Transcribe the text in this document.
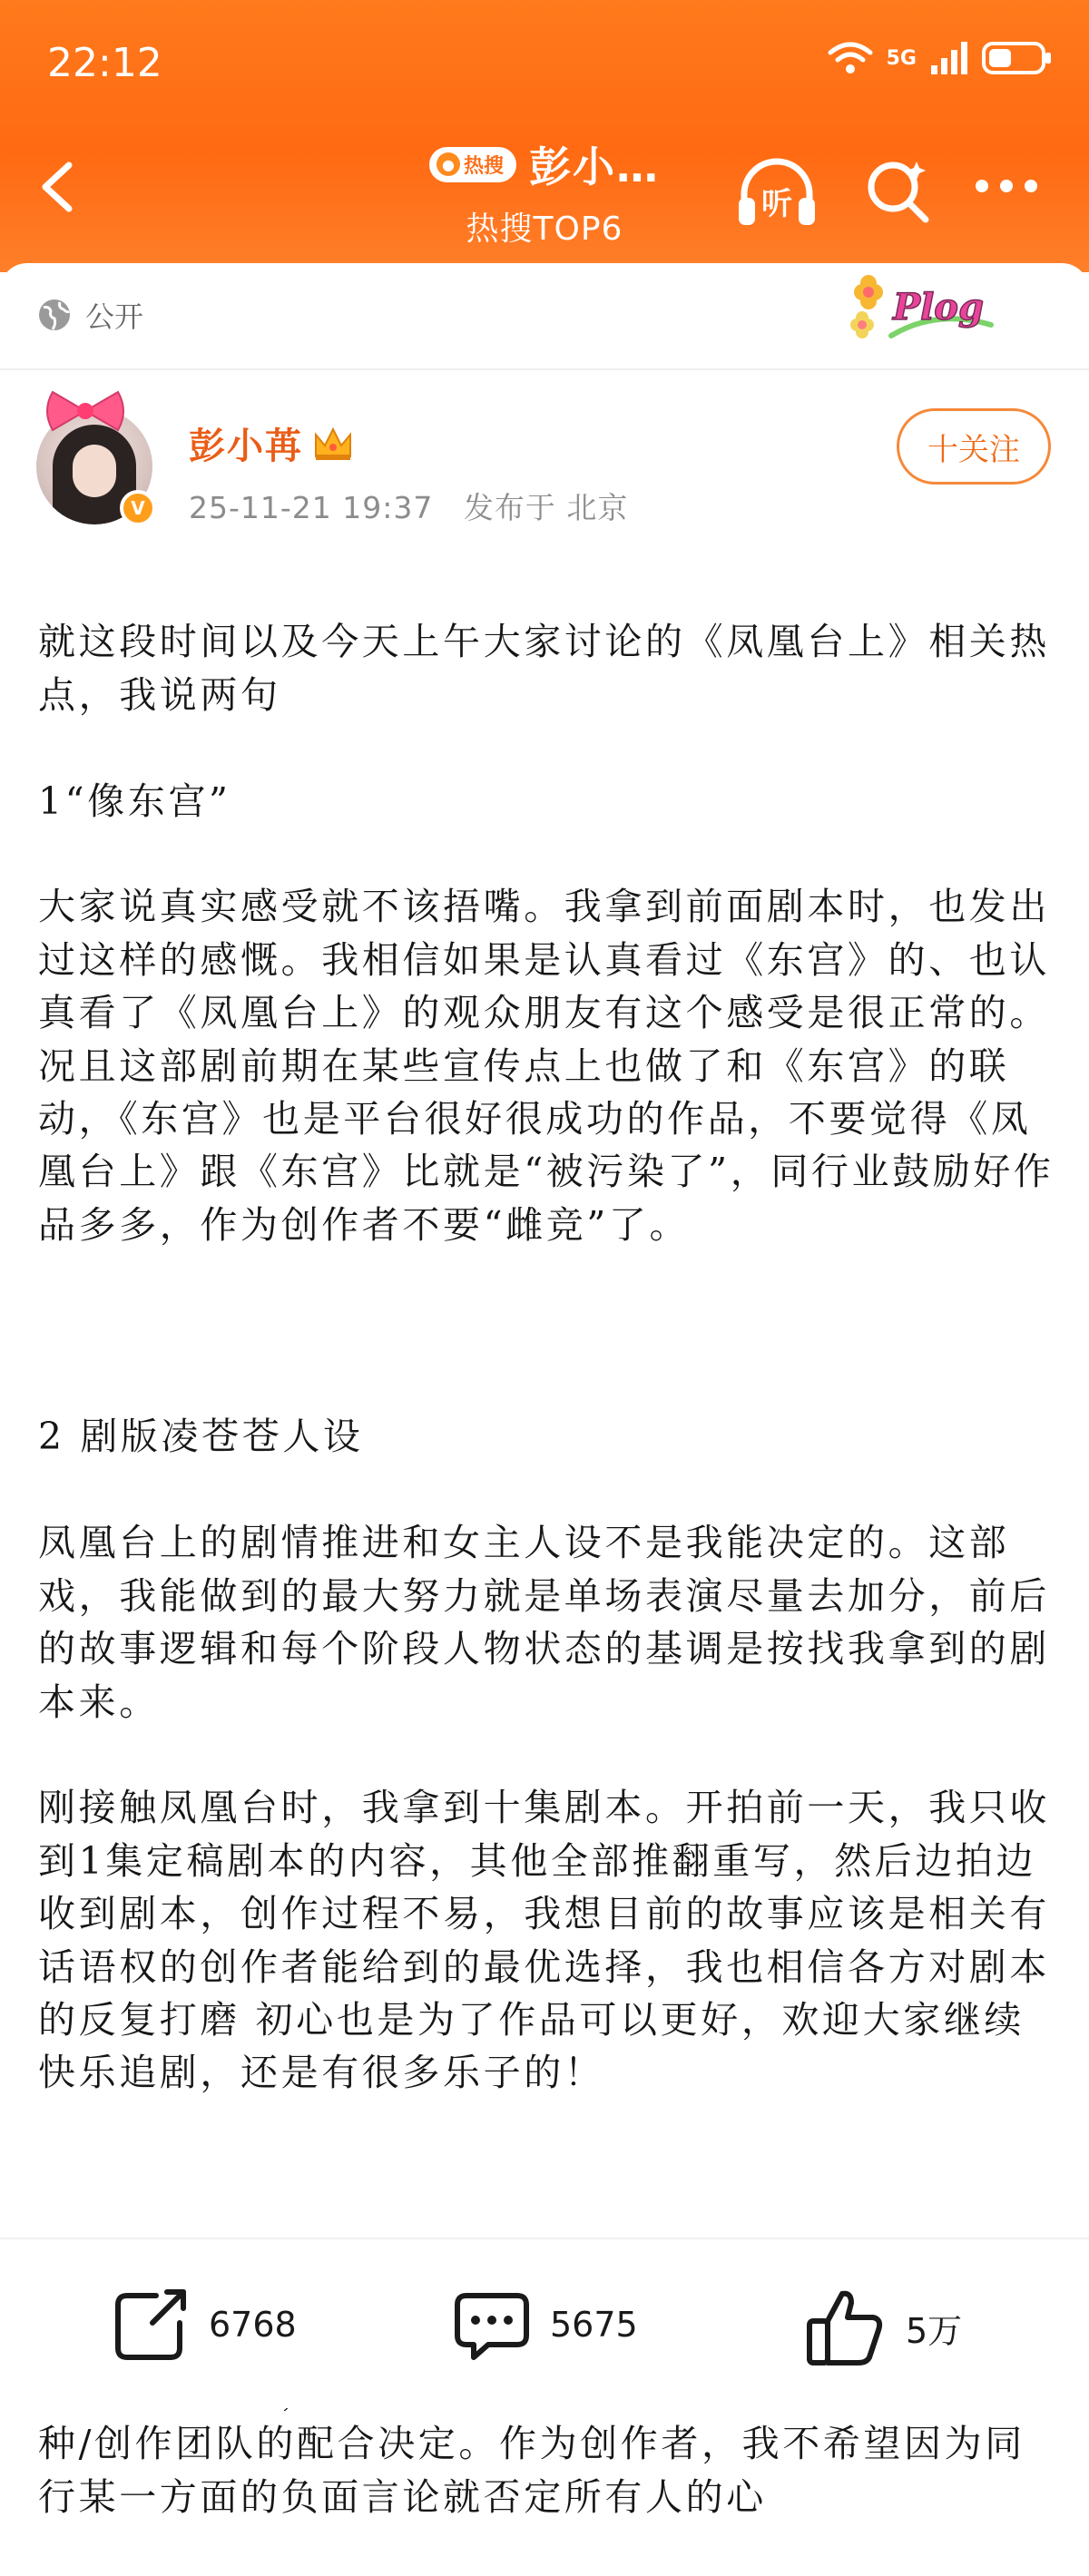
22:12	5G
● 热搜 彭小…
热搜TOP6
听
公开	Plog
V
彭小苒
25-11-21 19:37 发布于 北京
十关注

就这段时间以及今天上午大家讨论的《凤凰台上》相关热点，我说两句

1“像东宫”

大家说真实感受就不该捂嘴。我拿到前面剧本时，也发出过这样的感慨。我相信如果是认真看过《东宫》的、也认真看了《凤凰台上》的观众朋友有这个感受是很正常的。况且这部剧前期在某些宣传点上也做了和《东宫》的联动，《东宫》也是平台很好很成功的作品，不要觉得《凤凰台上》跟《东宫》比就是“被污染了”，同行业鼓励好作品多多，作为创作者不要“雌竞”了。

2 剧版凌苍苍人设

凤凰台上的剧情推进和女主人设不是我能决定的。这部戏，我能做到的最大努力就是单场表演尽量去加分，前后的故事逻辑和每个阶段人物状态的基调是按找我拿到的剧本来。

刚接触凤凰台时，我拿到十集剧本。开拍前一天，我只收到1集定稿剧本的内容，其他全部推翻重写，然后边拍边收到剧本，创作过程不易，我想目前的故事应该是相关有话语权的创作者能给到的最优选择，我也相信各方对剧本的反复打磨 初心也是为了作品可以更好，欢迎大家继续快乐追剧，还是有很多乐子的！

种/创作团队的配合决定。作为创作者，我不希望因为同行某一方面的负面言论就否定所有人的心

6768	5675	5万
